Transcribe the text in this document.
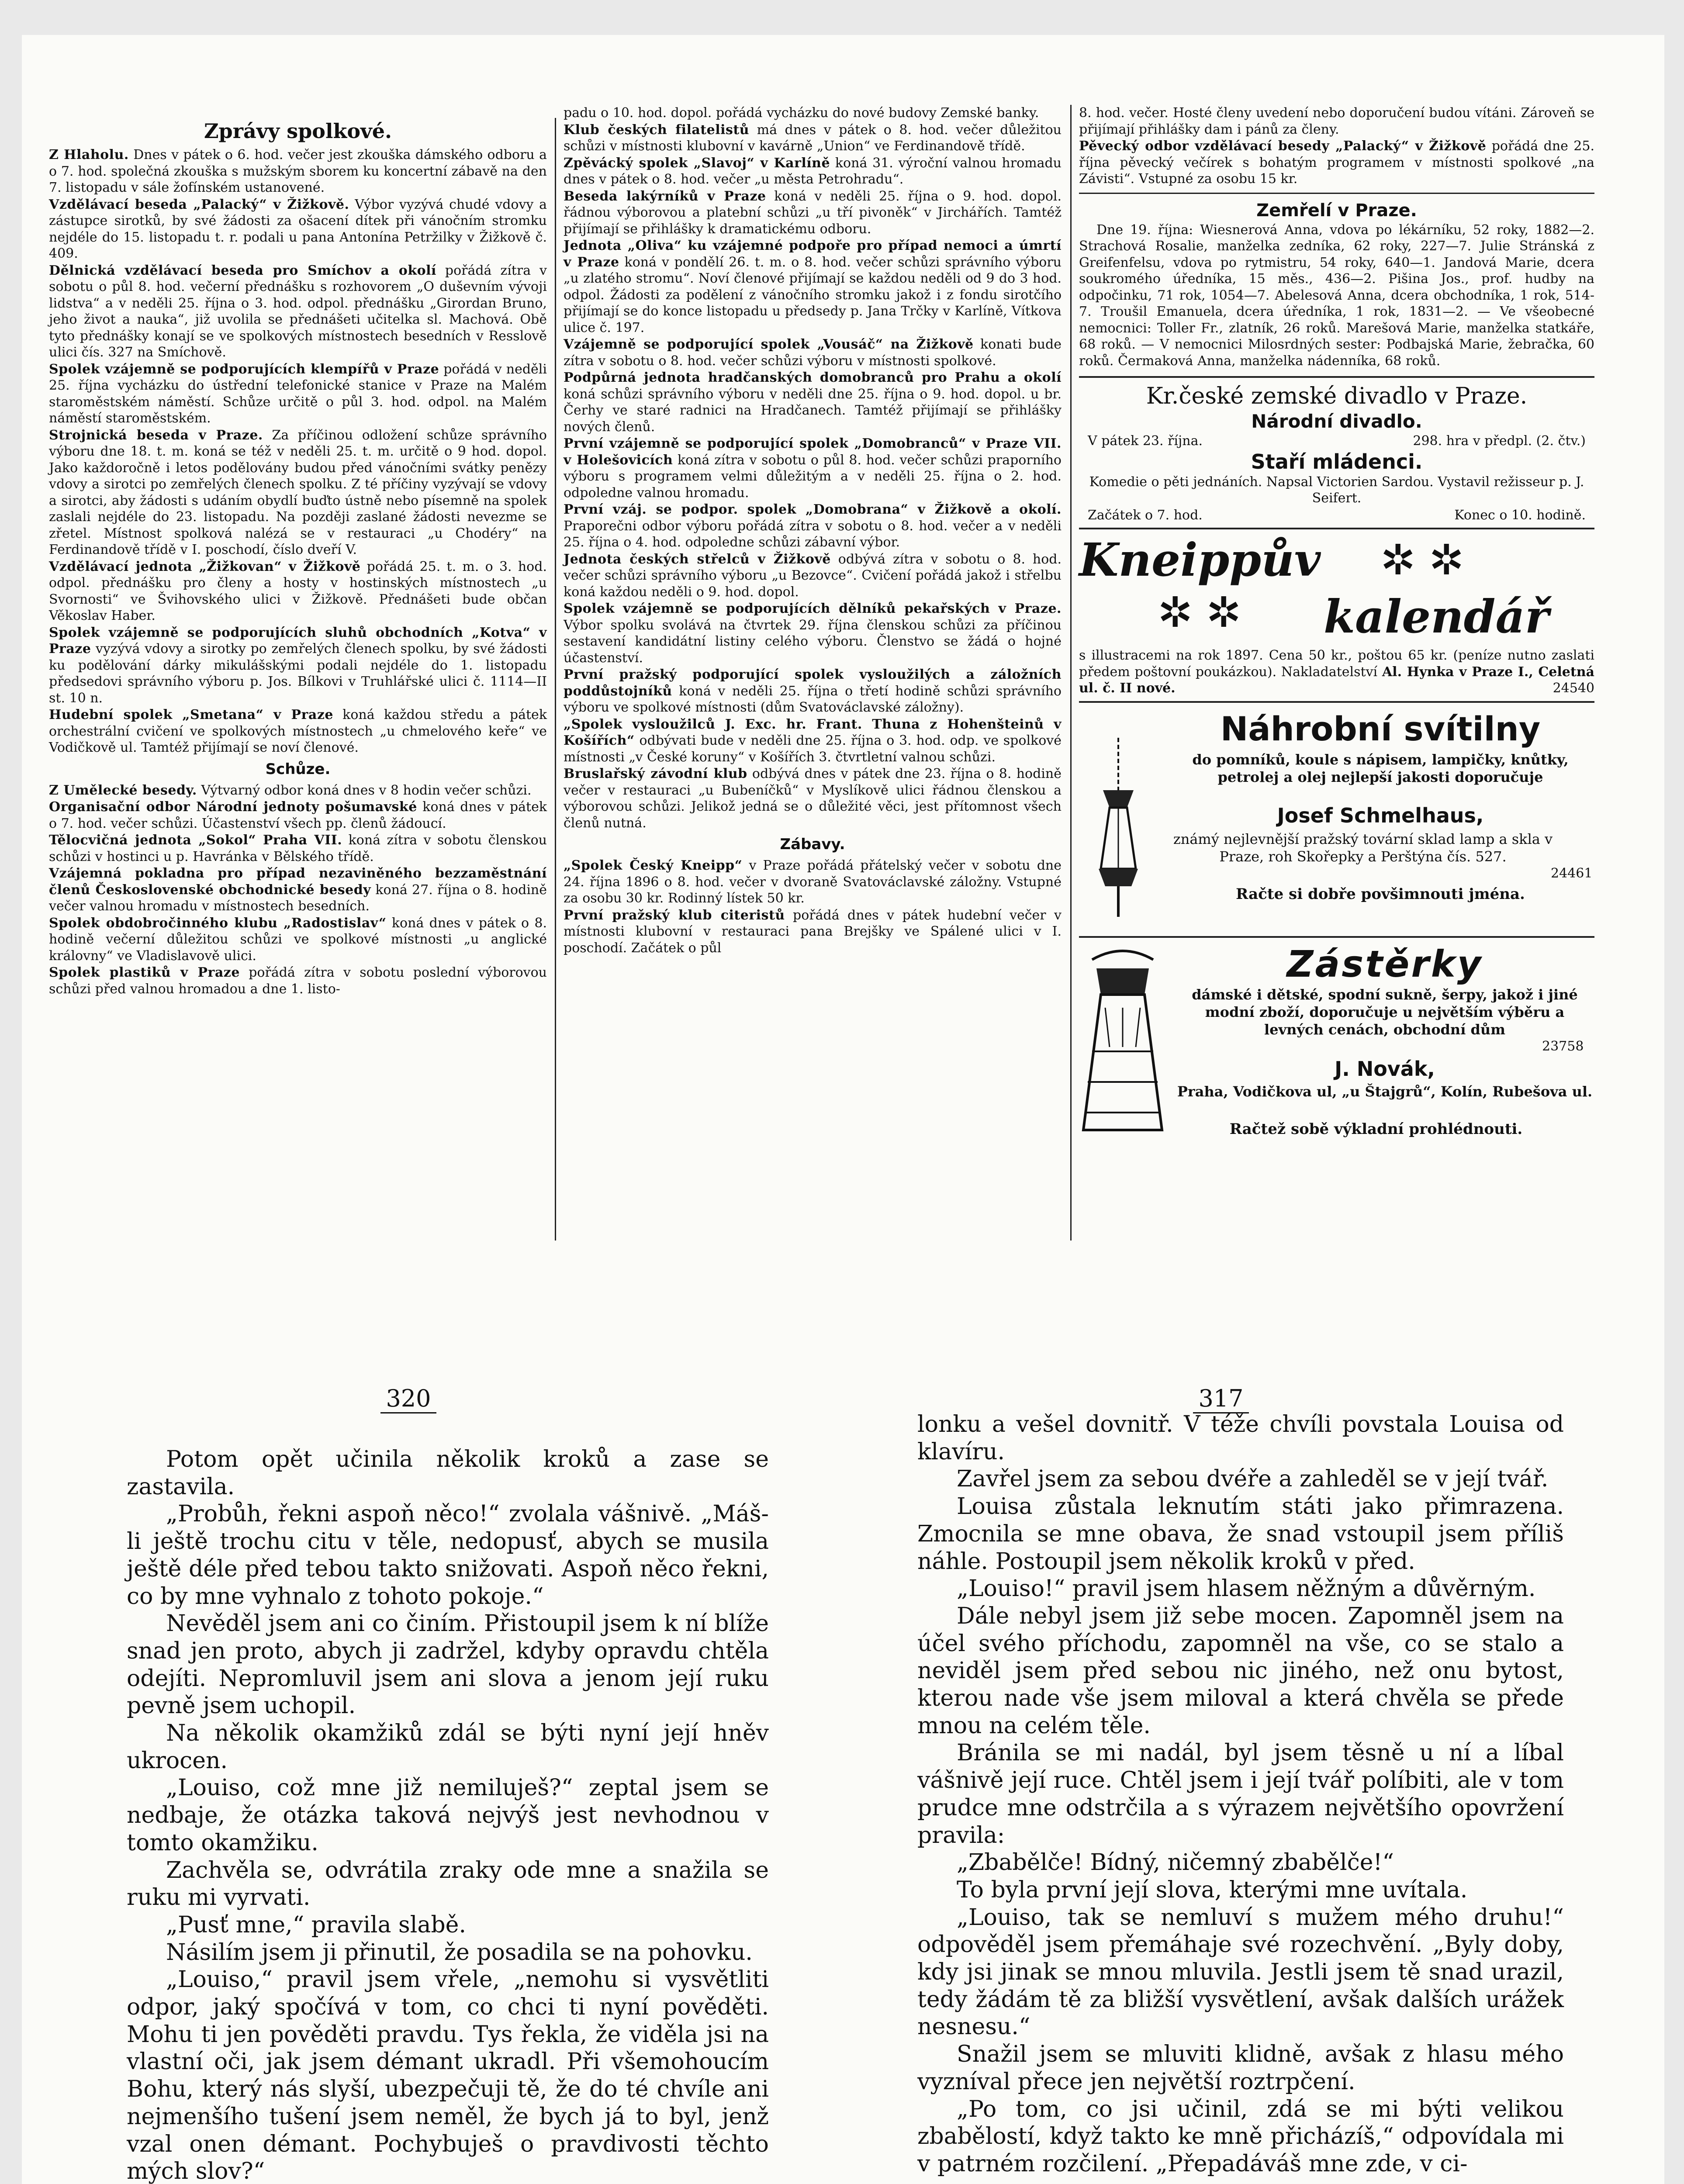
Zprávy spolkové.

Z Hlaholu. Dnes v pátek o 6. hod. večer jest zkouška dámského odboru a o 7. hod. společná zkouška s mužským sborem ku koncertní zábavě na den 7. listopadu v sále žofínském ustanovené.

Vzdělávací beseda „Palacký“ v Žižkově. Výbor vyzývá chudé vdovy a zástupce sirotků, by své žádosti za ošacení dítek při vánočním stromku nejdéle do 15. listopadu t. r. podali u pana Antonína Petržilky v Žižkově č. 409.

Dělnická vzdělávací beseda pro Smíchov a okolí pořádá zítra v sobotu o půl 8. hod. večerní přednášku s rozhovorem „O duševním vývoji lidstva“ a v neděli 25. října o 3. hod. odpol. přednášku „Girordan Bruno, jeho život a nauka“, již uvolila se přednášeti učitelka sl. Machová. Obě tyto přednášky konají se ve spolkových místnostech besedních v Resslově ulici čís. 327 na Smíchově.

Spolek vzájemně se podporujících klempířů v Praze pořádá v neděli 25. října vycházku do ústřední telefonické stanice v Praze na Malém staroměstském náměstí. Schůze určitě o půl 3. hod. odpol. na Malém náměstí staroměstském.

Strojnická beseda v Praze. Za příčinou odložení schůze správního výboru dne 18. t. m. koná se též v neděli 25. t. m. určitě o 9 hod. dopol. Jako každoročně i letos podělovány budou před vánočními svátky penězy vdovy a sirotci po zemřelých členech spolku. Z té příčiny vyzývají se vdovy a sirotci, aby žádosti s udáním obydlí buďto ústně nebo písemně na spolek zaslali nejdéle do 23. listopadu. Na později zaslané žádosti nevezme se zřetel. Místnost spolková nalézá se v restauraci „u Chodéry“ na Ferdinandově třídě v I. poschodí, číslo dveří V.

Vzdělávací jednota „Žižkovan“ v Žižkově pořádá 25. t. m. o 3. hod. odpol. přednášku pro členy a hosty v hostinských místnostech „u Svornosti“ ve Švihovského ulici v Žižkově. Přednášeti bude občan Věkoslav Haber.

Spolek vzájemně se podporujících sluhů obchodních „Kotva“ v Praze vyzývá vdovy a sirotky po zemřelých členech spolku, by své žádosti ku podělování dárky mikulášskými podali nejdéle do 1. listopadu předsedovi správního výboru p. Jos. Bílkovi v Truhlářské ulici č. 1114—II st. 10 n.

Hudební spolek „Smetana“ v Praze koná každou středu a pátek orchestrální cvičení ve spolkových místnostech „u chmelového keře“ ve Vodičkově ul. Tamtéž přijímají se noví členové.

Schůze.

Z Umělecké besedy. Výtvarný odbor koná dnes v 8 hodin večer schůzi.

Organisační odbor Národní jednoty pošumavské koná dnes v pátek o 7. hod. večer schůzi. Účastenství všech pp. členů žádoucí.

Tělocvičná jednota „Sokol“ Praha VII. koná zítra v sobotu členskou schůzi v hostinci u p. Havránka v Bělského třídě.

Vzájemná pokladna pro případ nezaviněného bezzaměstnání členů Československé obchodnické besedy koná 27. října o 8. hodině večer valnou hromadu v místnostech besedních.

Spolek obdobročinného klubu „Radostislav“ koná dnes v pátek o 8. hodině večerní důležitou schůzi ve spolkové místnosti „u anglické královny“ ve Vladislavově ulici.

Spolek plastiků v Praze pořádá zítra v sobotu poslední výborovou schůzi před valnou hromadou a dne 1. listo-

padu o 10. hod. dopol. pořádá vycházku do nové budovy Zemské banky.

Klub českých filatelistů má dnes v pátek o 8. hod. večer důležitou schůzi v místnosti klubovní v kavárně „Union“ ve Ferdinandově třídě.

Zpěvácký spolek „Slavoj“ v Karlíně koná 31. výroční valnou hromadu dnes v pátek o 8. hod. večer „u města Petrohradu“.

Beseda lakýrníků v Praze koná v neděli 25. října o 9. hod. dopol. řádnou výborovou a platební schůzi „u tří pivoněk“ v Jirchářích. Tamtéž přijímají se přihlášky k dramatickému odboru.

Jednota „Oliva“ ku vzájemné podpoře pro případ nemoci a úmrtí v Praze koná v pondělí 26. t. m. o 8. hod. večer schůzi správního výboru „u zlatého stromu“. Noví členové přijímají se každou neděli od 9 do 3 hod. odpol. Žádosti za podělení z vánočního stromku jakož i z fondu sirotčího přijímají se do konce listopadu u předsedy p. Jana Trčky v Karlíně, Vítkova ulice č. 197.

Vzájemně se podporující spolek „Vousáč“ na Žižkově konati bude zítra v sobotu o 8. hod. večer schůzi výboru v místnosti spolkové.

Podpůrná jednota hradčanských domobranců pro Prahu a okolí koná schůzi správního výboru v neděli dne 25. října o 9. hod. dopol. u br. Čerhy ve staré radnici na Hradčanech. Tamtéž přijímají se přihlášky nových členů.

První vzájemně se podporující spolek „Domobranců“ v Praze VII. v Holešovicích koná zítra v sobotu o půl 8. hod. večer schůzi praporního výboru s programem velmi důležitým a v neděli 25. října o 2. hod. odpoledne valnou hromadu.

První vzáj. se podpor. spolek „Domobrana“ v Žižkově a okolí. Praporečni odbor výboru pořádá zítra v sobotu o 8. hod. večer a v neděli 25. října o 4. hod. odpoledne schůzi zábavní výbor.

Jednota českých střelců v Žižkově odbývá zítra v sobotu o 8. hod. večer schůzi správního výboru „u Bezovce“. Cvičení pořádá jakož i střelbu koná každou neděli o 9. hod. dopol.

Spolek vzájemně se podporujících dělníků pekařských v Praze. Výbor spolku svolává na čtvrtek 29. října členskou schůzi za příčinou sestavení kandidátní listiny celého výboru. Členstvo se žádá o hojné účastenství.

První pražský podporující spolek vysloužilých a záložních poddůstojníků koná v neděli 25. října o třetí hodině schůzi správního výboru ve spolkové místnosti (dům Svatováclavské záložny).

„Spolek vysloužilců J. Exc. hr. Frant. Thuna z Hohenšteinů v Košířích“ odbývati bude v neděli dne 25. října o 3. hod. odp. ve spolkové místnosti „v České koruny“ v Košířích 3. čtvrtletní valnou schůzi.

Bruslařský závodní klub odbývá dnes v pátek dne 23. října o 8. hodině večer v restauraci „u Bubeníčků“ v Myslíkově ulici řádnou členskou a výborovou schůzi. Jelikož jedná se o důležité věci, jest přítomnost všech členů nutná.

Zábavy.

„Spolek Český Kneipp“ v Praze pořádá přátelský večer v sobotu dne 24. října 1896 o 8. hod. večer v dvoraně Svatováclavské záložny. Vstupné za osobu 30 kr. Rodinný lístek 50 kr.

První pražský klub citeristů pořádá dnes v pátek hudební večer v místnosti klubovní v restauraci pana Brejšky ve Spálené ulici v I. poschodí. Začátek o půl

8. hod. večer. Hosté členy uvedení nebo doporučení budou vítáni. Zároveň se přijímají přihlášky dam i pánů za členy.

Pěvecký odbor vzdělávací besedy „Palacký“ v Žižkově pořádá dne 25. října pěvecký večírek s bohatým programem v místnosti spolkové „na Závisti“. Vstupné za osobu 15 kr.

Zemřelí v Praze.

Dne 19. října: Wiesnerová Anna, vdova po lékárníku, 52 roky, 1882—2. Strachová Rosalie, manželka zedníka, 62 roky, 227—7. Julie Stránská z Greifenfelsu, vdova po rytmistru, 54 roky, 640—1. Jandová Marie, dcera soukromého úředníka, 15 měs., 436—2. Pišina Jos., prof. hudby na odpočinku, 71 rok, 1054—7. Abelesová Anna, dcera obchodníka, 1 rok, 514-7. Troušil Emanuela, dcera úředníka, 1 rok, 1831—2. — Ve všeobecné nemocnici: Toller Fr., zlatník, 26 roků. Marešová Marie, manželka statkáře, 68 roků. — V nemocnici Milosrdných sester: Podbajská Marie, žebračka, 60 roků. Čermaková Anna, manželka nádenníka, 68 roků.

Kr.české zemské divadlo v Praze.
Národní divadlo.
V pátek 23. října.	298. hra v předpl. (2. čtv.)
Staří mládenci.

Komedie o pěti jednáních. Napsal Victorien Sardou. Vystavil režisseur p. J. Seifert.

Začátek o 7. hod.	Konec o 10. hodině.
Kneippův ✲ ✲
✲ ✲ kalendář

s illustracemi na rok 1897. Cena 50 kr., poštou 65 kr. (peníze nutno zaslati předem poštovní poukázkou). Nakladatelství Al. Hynka v Praze I., Celetná ul. č. II nové.	24540

Náhrobní svítilny
do pomníků, koule s nápisem, lampičky, knůtky, petrolej a olej nejlepší jakosti doporučuje
Josef Schmelhaus,
známý nejlevnější pražský tovární sklad lamp a skla v Praze, roh Skořepky a Perštýna čís. 527.
24461
Račte si dobře povšimnouti jména.
Zástěrky
dámské i dětské, spodní sukně, šerpy, jakož i jiné modní zboží, doporučuje u největším výběru a levných cenách, obchodní dům
23758
J. Novák,
Praha, Vodičkova ul, „u Štajgrů“, Kolín, Rubešova ul.
Račtež sobě výkladní prohlédnouti.
320	317

Potom opět učinila několik kroků a zase se zastavila.

„Probůh, řekni aspoň něco!“ zvolala vášnivě. „Máš-li ještě trochu citu v těle, nedopusť, abych se musila ještě déle před tebou takto snižovati. Aspoň něco řekni, co by mne vyhnalo z tohoto pokoje.“

Nevěděl jsem ani co činím. Přistoupil jsem k ní blíže snad jen proto, abych ji zadržel, kdyby opravdu chtěla odejíti. Nepromluvil jsem ani slova a jenom její ruku pevně jsem uchopil.

Na několik okamžiků zdál se býti nyní její hněv ukrocen.

„Louiso, což mne již nemiluješ?“ zeptal jsem se nedbaje, že otázka taková nejvýš jest nevhodnou v tomto okamžiku.

Zachvěla se, odvrátila zraky ode mne a snažila se ruku mi vyrvati.

„Pusť mne,“ pravila slabě.

Násilím jsem ji přinutil, že posadila se na pohovku.

„Louiso,“ pravil jsem vřele, „nemohu si vysvětliti odpor, jaký spočívá v tom, co chci ti nyní pověděti. Mohu ti jen pověděti pravdu. Tys řekla, že viděla jsi na vlastní oči, jak jsem démant ukradl. Při všemohoucím Bohu, který nás slyší, ubezpečuji tě, že do té chvíle ani nejmenšího tušení jsem neměl, že bych já to byl, jenž vzal onen démant. Pochybuješ o pravdivosti těchto mých slov?“

lonku a vešel dovnitř. V téže chvíli povstala Louisa od klavíru.

Zavřel jsem za sebou dvéře a zahleděl se v její tvář.

Louisa zůstala leknutím státi jako přimrazena. Zmocnila se mne obava, že snad vstoupil jsem příliš náhle. Postoupil jsem několik kroků v před.

„Louiso!“ pravil jsem hlasem něžným a důvěrným.

Dále nebyl jsem již sebe mocen. Zapomněl jsem na účel svého příchodu, zapomněl na vše, co se stalo a neviděl jsem před sebou nic jiného, než onu bytost, kterou nade vše jsem miloval a která chvěla se přede mnou na celém těle.

Bránila se mi nadál, byl jsem těsně u ní a líbal vášnivě její ruce. Chtěl jsem i její tvář políbiti, ale v tom prudce mne odstrčila a s výrazem největšího opovržení pravila:

„Zbabělče! Bídný, ničemný zbabělče!“

To byla první její slova, kterými mne uvítala.

„Louiso, tak se nemluví s mužem mého druhu!“ odpověděl jsem přemáhaje své rozechvění. „Byly doby, kdy jsi jinak se mnou mluvila. Jestli jsem tě snad urazil, tedy žádám tě za bližší vysvětlení, avšak dalších urážek nesnesu.“

Snažil jsem se mluviti klidně, avšak z hlasu mého vyzníval přece jen největší roztrpčení.

„Po tom, co jsi učinil, zdá se mi býti velikou zbabělostí, když takto ke mně přicházíš,“ odpovídala mi v patrném rozčilení. „Přepadáváš mne zde, v ci-
